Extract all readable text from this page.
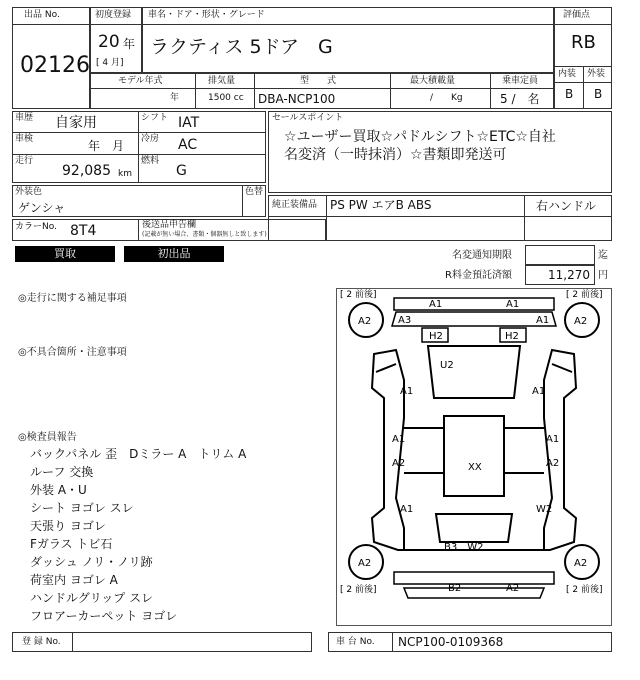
出品 No.
02126
初度登録
20 年
[ 4 月]
車名・ドア・形状・グレード
ラクティス 5ドア　G
評価点
RB
内装 外装
B B
モデル年式
年
排気量
1500 cc
型　　式
DBA-NCP100
最大積載量
/　　Kg
乗車定員
5 /　名
車歴 自家用	シフト IAT
車検	年　月 冷房 AC
走行
92,085 km
燃料
G
外装色
ゲンシャ
色替
カラーNo. 8T4	後送品申告欄
(記載が無い場合、書類・個器無しと致します)
セールスポイント
☆ユーザー買取☆パドルシフト☆ETC☆自社
名変済（一時抹消）☆書類即発送可
純正装備品 PS PW エアB ABS	右ハンドル
買取	初出品	名変通知期限	迄
R料金預託済額	11,270 円
◎走行に関する補足事項
◎不具合箇所・注意事項
◎検査員報告
バックパネル 歪　Dミラー A　トリム A
ルーフ 交換
外装 A・U
シート ヨゴレ スレ
天張り ヨゴレ
Fガラス トビ石
ダッシュ ノリ・ノリ跡
荷室内 ヨゴレ A
ハンドルグリップ スレ
フロアーカーペット ヨゴレ
[ 2 前後]	[ 2 前後]
[ 2 前後]	[ 2 前後]
A2	A2
A2	A2
A1	A1
A3	A1
H2	H2
U2
A1	A1
A1
A2
A1
A2
XX
A1	W2
B3　W2
B2	A2
登 録 No.	車 台 No. NCP100-0109368
